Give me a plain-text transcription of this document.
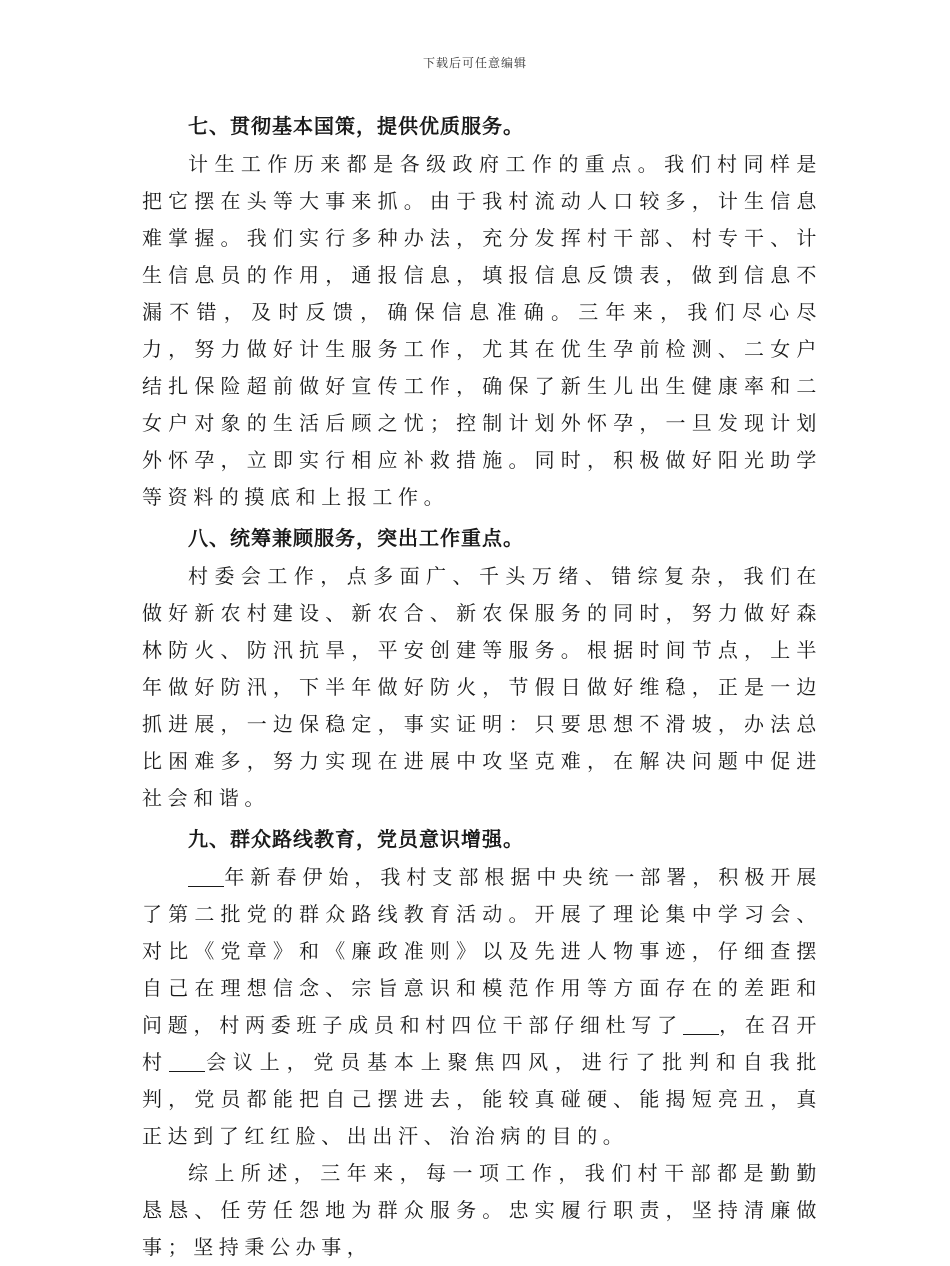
下载后可任意编辑

七、贯彻基本国策，提供优质服务。

计生工作历来都是各级政府工作的重点。我们村同样是把它摆在头等大事来抓。由于我村流动人口较多，计生信息难掌握。我们实行多种办法，充分发挥村干部、村专干、计生信息员的作用，通报信息，填报信息反馈表，做到信息不漏不错，及时反馈，确保信息准确。三年来，我们尽心尽力，努力做好计生服务工作，尤其在优生孕前检测、二女户结扎保险超前做好宣传工作，确保了新生儿出生健康率和二女户对象的生活后顾之忧；控制计划外怀孕，一旦发现计划外怀孕，立即实行相应补救措施。同时，积极做好阳光助学等资料的摸底和上报工作。

八、统筹兼顾服务，突出工作重点。

村委会工作，点多面广、千头万绪、错综复杂，我们在做好新农村建设、新农合、新农保服务的同时，努力做好森林防火、防汛抗旱，平安创建等服务。根据时间节点，上半年做好防汛，下半年做好防火，节假日做好维稳，正是一边抓进展，一边保稳定，事实证明：只要思想不滑坡，办法总比困难多，努力实现在进展中攻坚克难，在解决问题中促进社会和谐。

九、群众路线教育，党员意识增强。

年新春伊始，我村支部根据中央统一部署，积极开展了第二批党的群众路线教育活动。开展了理论集中学习会、对比《党章》和《廉政准则》以及先进人物事迹，仔细查摆自己在理想信念、宗旨意识和模范作用等方面存在的差距和问题，村两委班子成员和村四位干部仔细杜写了 ，在召开村 会议上，党员基本上聚焦四风，进行了批判和自我批判，党员都能把自己摆进去，能较真碰硬、能揭短亮丑，真正达到了红红脸、出出汗、治治病的目的。

综上所述，三年来，每一项工作，我们村干部都是勤勤恳恳、任劳任怨地为群众服务。忠实履行职责，坚持清廉做事；坚持秉公办事，
